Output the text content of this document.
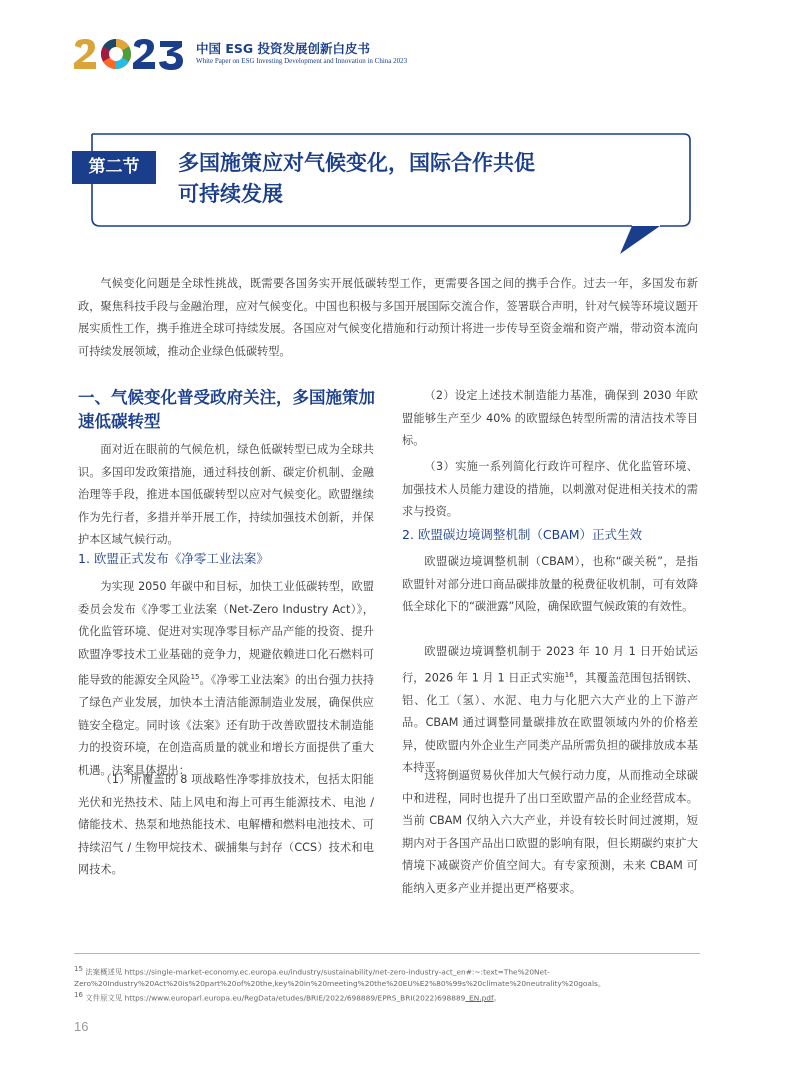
中国 ESG 投资发展创新白皮书
White Paper on ESG Investing Development and Innovation in China 2023
第二节	多国施策应对气候变化，国际合作共促
可持续发展

气候变化问题是全球性挑战，既需要各国务实开展低碳转型工作，更需要各国之间的携手合作。过去一年，多国发布新政，聚焦科技手段与金融治理，应对气候变化。中国也积极与多国开展国际交流合作，签署联合声明，针对气候等环境议题开展实质性工作，携手推进全球可持续发展。各国应对气候变化措施和行动预计将进一步传导至资金端和资产端，带动资本流向可持续发展领域，推动企业绿色低碳转型。

一、气候变化普受政府关注，多国施策加速低碳转型

面对近在眼前的气候危机，绿色低碳转型已成为全球共识。多国印发政策措施，通过科技创新、碳定价机制、金融治理等手段，推进本国低碳转型以应对气候变化。欧盟继续作为先行者，多措并举开展工作，持续加强技术创新，并保护本区域气候行动。

1. 欧盟正式发布《净零工业法案》

为实现 2050 年碳中和目标，加快工业低碳转型，欧盟委员会发布《净零工业法案（Net-Zero Industry Act）》，优化监管环境、促进对实现净零目标产品产能的投资、提升欧盟净零技术工业基础的竞争力，规避依赖进口化石燃料可能导致的能源安全风险$^{15}$。《净零工业法案》的出台强力扶持了绿色产业发展，加快本土清洁能源制造业发展，确保供应链安全稳定。同时该《法案》还有助于改善欧盟技术制造能力的投资环境，在创造高质量的就业和增长方面提供了重大机遇。法案具体提出：

（1）所覆盖的 8 项战略性净零排放技术，包括太阳能光伏和光热技术、陆上风电和海上可再生能源技术、电池 / 储能技术、热泵和地热能技术、电解槽和燃料电池技术、可持续沼气 / 生物甲烷技术、碳捕集与封存（CCS）技术和电网技术。

（2）设定上述技术制造能力基准，确保到 2030 年欧盟能够生产至少 40% 的欧盟绿色转型所需的清洁技术等目标。

（3）实施一系列简化行政许可程序、优化监管环境、加强技术人员能力建设的措施，以刺激对促进相关技术的需求与投资。

2. 欧盟碳边境调整机制（CBAM）正式生效

欧盟碳边境调整机制（CBAM），也称“碳关税”，是指欧盟针对部分进口商品碳排放量的税费征收机制，可有效降低全球化下的“碳泄露”风险，确保欧盟气候政策的有效性。

欧盟碳边境调整机制于 2023 年 10 月 1 日开始试运行，2026 年 1 月 1 日正式实施$^{16}$，其覆盖范围包括钢铁、铝、化工（氢）、水泥、电力与化肥六大产业的上下游产品。CBAM 通过调整同量碳排放在欧盟领域内外的价格差异，使欧盟内外企业生产同类产品所需负担的碳排放成本基本持平。

这将倒逼贸易伙伴加大气候行动力度，从而推动全球碳中和进程，同时也提升了出口至欧盟产品的企业经营成本。当前 CBAM 仅纳入六大产业，并设有较长时间过渡期，短期内对于各国产品出口欧盟的影响有限，但长期碳约束扩大情境下减碳资产价值空间大。有专家预测，未来 CBAM 可能纳入更多产业并提出更严格要求。

$^{15}$ 法案概述见 https://single-market-economy.ec.europa.eu/industry/sustainability/net-zero-industry-act_en#:~:text=The%20Net-Zero%20Industry%20Act%20is%20part%20of%20the,key%20in%20meeting%20the%20EU%E2%80%99s%20climate%20neutrality%20goals。
$^{16}$ 文件原文见 https://www.europarl.europa.eu/RegData/etudes/BRIE/2022/698889/EPRS_BRI(2022)698889_EN.pdf。
16
